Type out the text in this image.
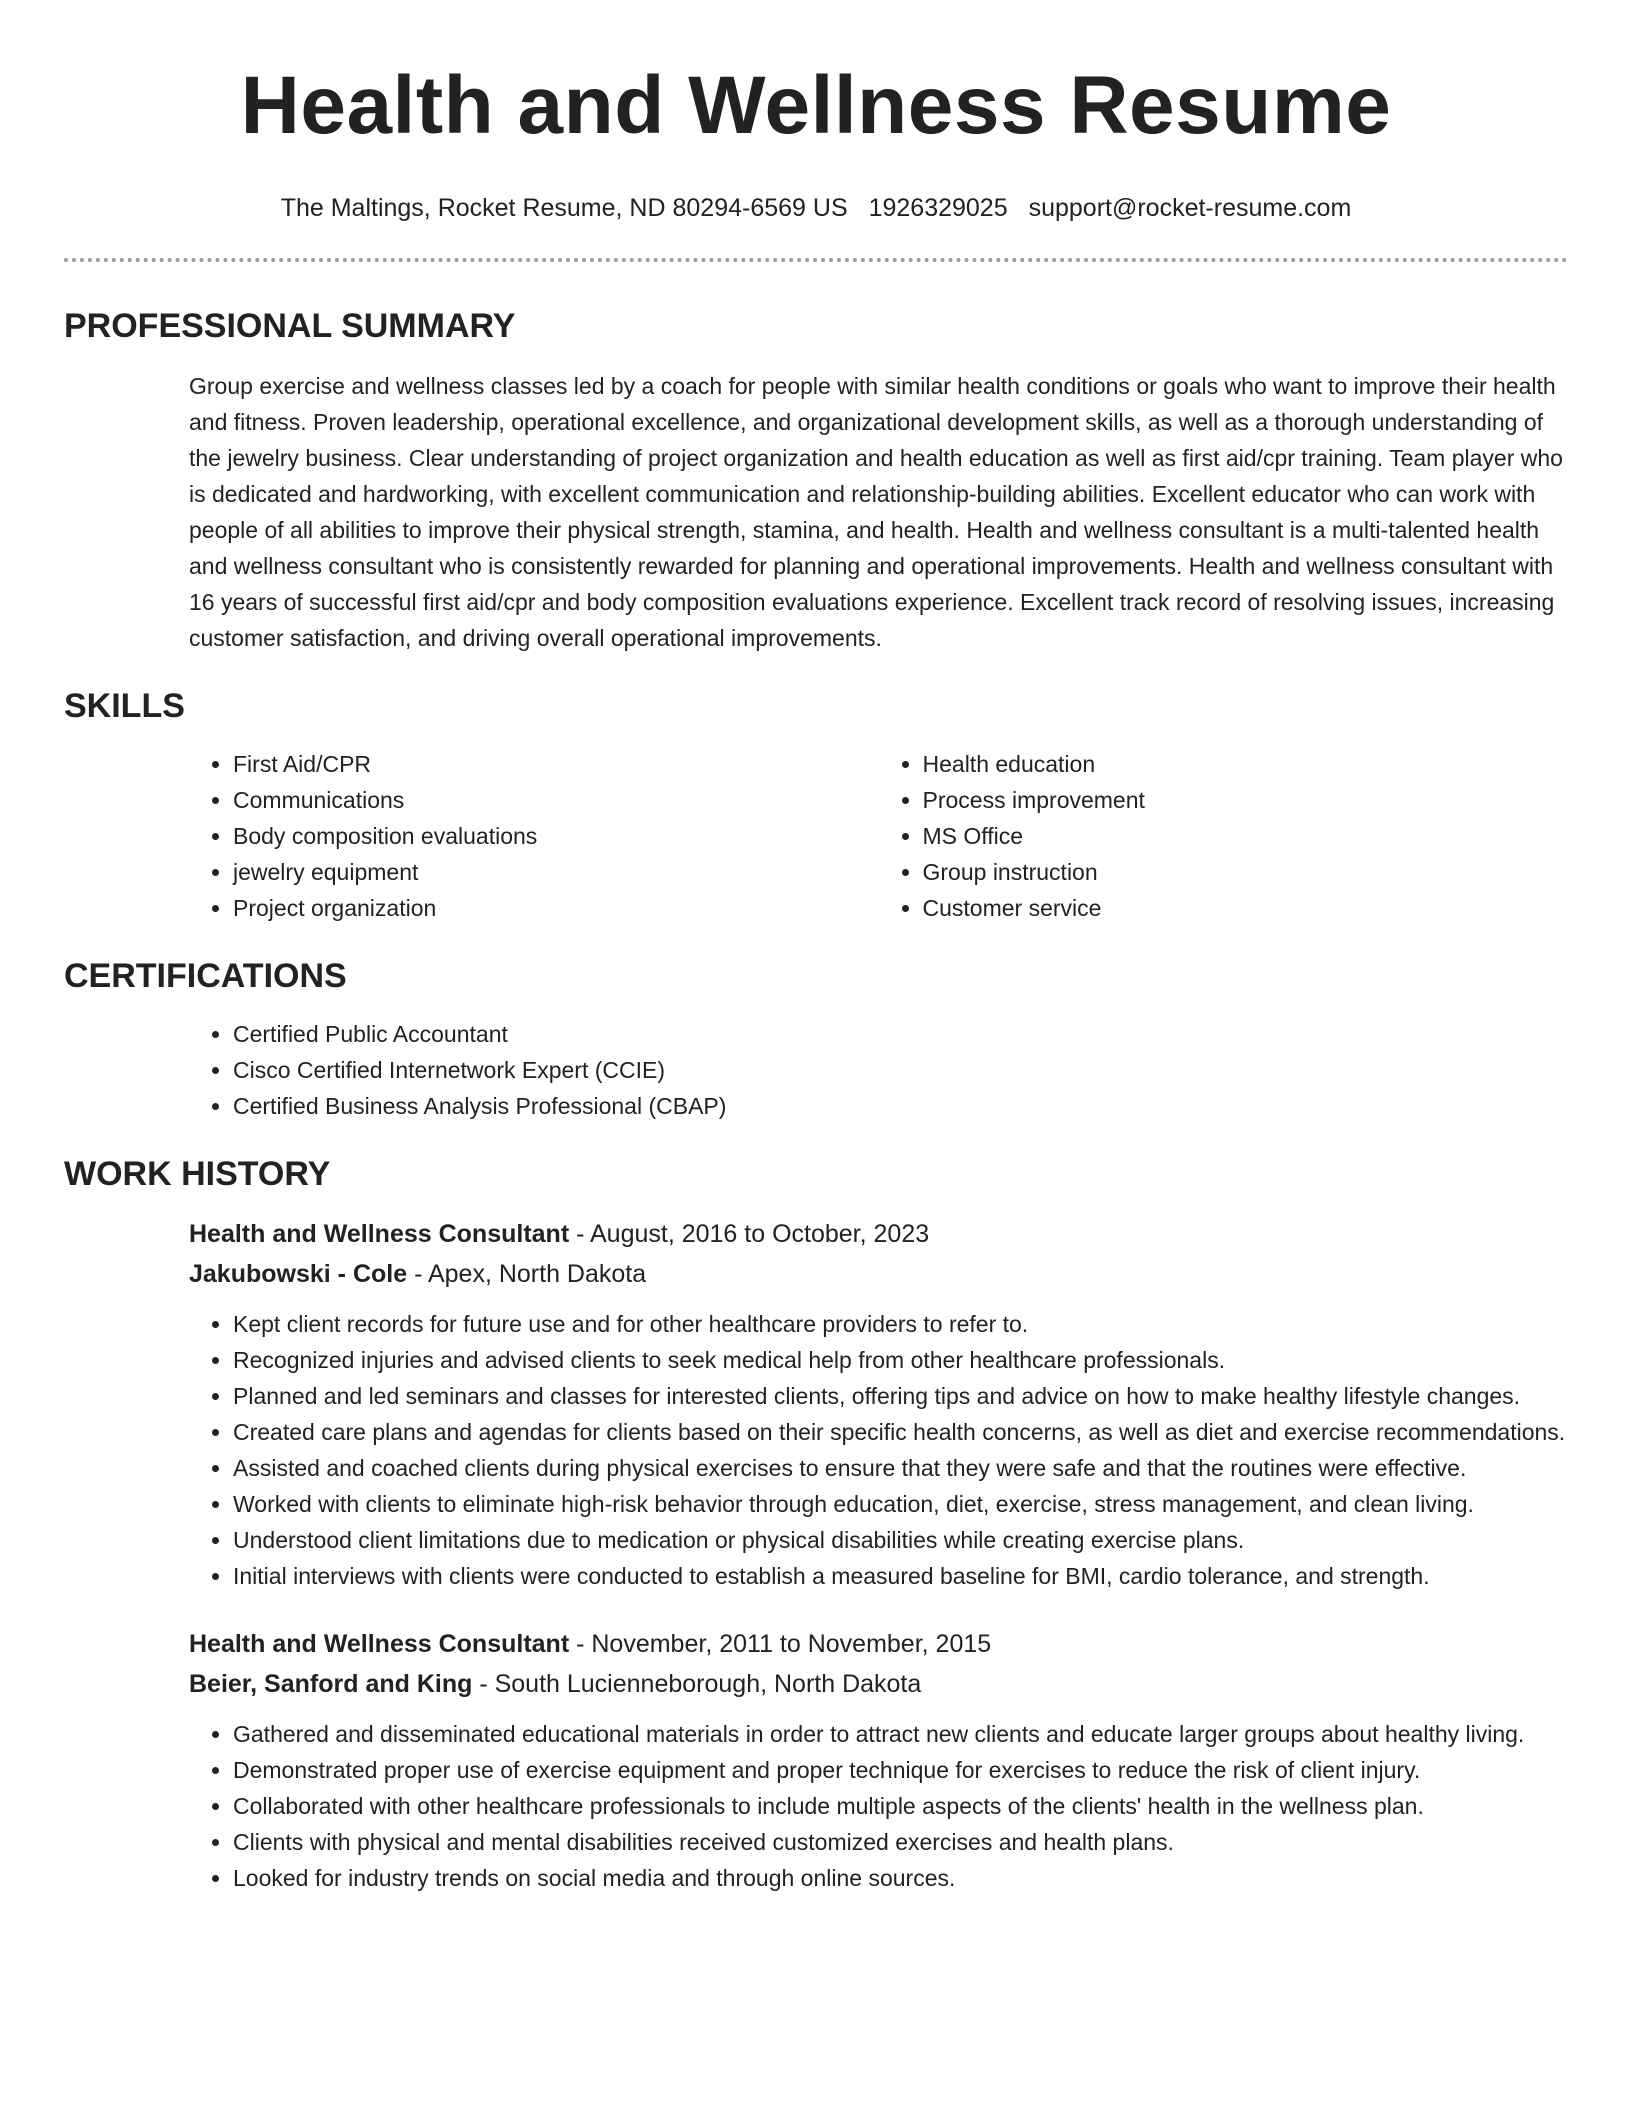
Health and Wellness Resume
The Maltings, Rocket Resume, ND 80294-6569 US 1926329025 support@rocket-resume.com
PROFESSIONAL SUMMARY

Group exercise and wellness classes led by a coach for people with similar health conditions or goals who want to improve their health and fitness. Proven leadership, operational excellence, and organizational development skills, as well as a thorough understanding of the jewelry business. Clear understanding of project organization and health education as well as first aid/cpr training. Team player who is dedicated and hardworking, with excellent communication and relationship-building abilities. Excellent educator who can work with people of all abilities to improve their physical strength, stamina, and health. Health and wellness consultant is a multi-talented health and wellness consultant who is consistently rewarded for planning and operational improvements. Health and wellness consultant with 16 years of successful first aid/cpr and body composition evaluations experience. Excellent track record of resolving issues, increasing customer satisfaction, and driving overall operational improvements.

SKILLS
• First Aid/CPR
• Communications
• Body composition evaluations
• jewelry equipment
• Project organization
• Health education
• Process improvement
• MS Office
• Group instruction
• Customer service
CERTIFICATIONS
• Certified Public Accountant
• Cisco Certified Internetwork Expert (CCIE)
• Certified Business Analysis Professional (CBAP)
WORK HISTORY
Health and Wellness Consultant - August, 2016 to October, 2023
Jakubowski - Cole - Apex, North Dakota
• Kept client records for future use and for other healthcare providers to refer to.
• Recognized injuries and advised clients to seek medical help from other healthcare professionals.
• Planned and led seminars and classes for interested clients, offering tips and advice on how to make healthy lifestyle changes.
• Created care plans and agendas for clients based on their specific health concerns, as well as diet and exercise recommendations.
• Assisted and coached clients during physical exercises to ensure that they were safe and that the routines were effective.
• Worked with clients to eliminate high-risk behavior through education, diet, exercise, stress management, and clean living.
• Understood client limitations due to medication or physical disabilities while creating exercise plans.
• Initial interviews with clients were conducted to establish a measured baseline for BMI, cardio tolerance, and strength.
Health and Wellness Consultant - November, 2011 to November, 2015
Beier, Sanford and King - South Lucienneborough, North Dakota
• Gathered and disseminated educational materials in order to attract new clients and educate larger groups about healthy living.
• Demonstrated proper use of exercise equipment and proper technique for exercises to reduce the risk of client injury.
• Collaborated with other healthcare professionals to include multiple aspects of the clients' health in the wellness plan.
• Clients with physical and mental disabilities received customized exercises and health plans.
• Looked for industry trends on social media and through online sources.
